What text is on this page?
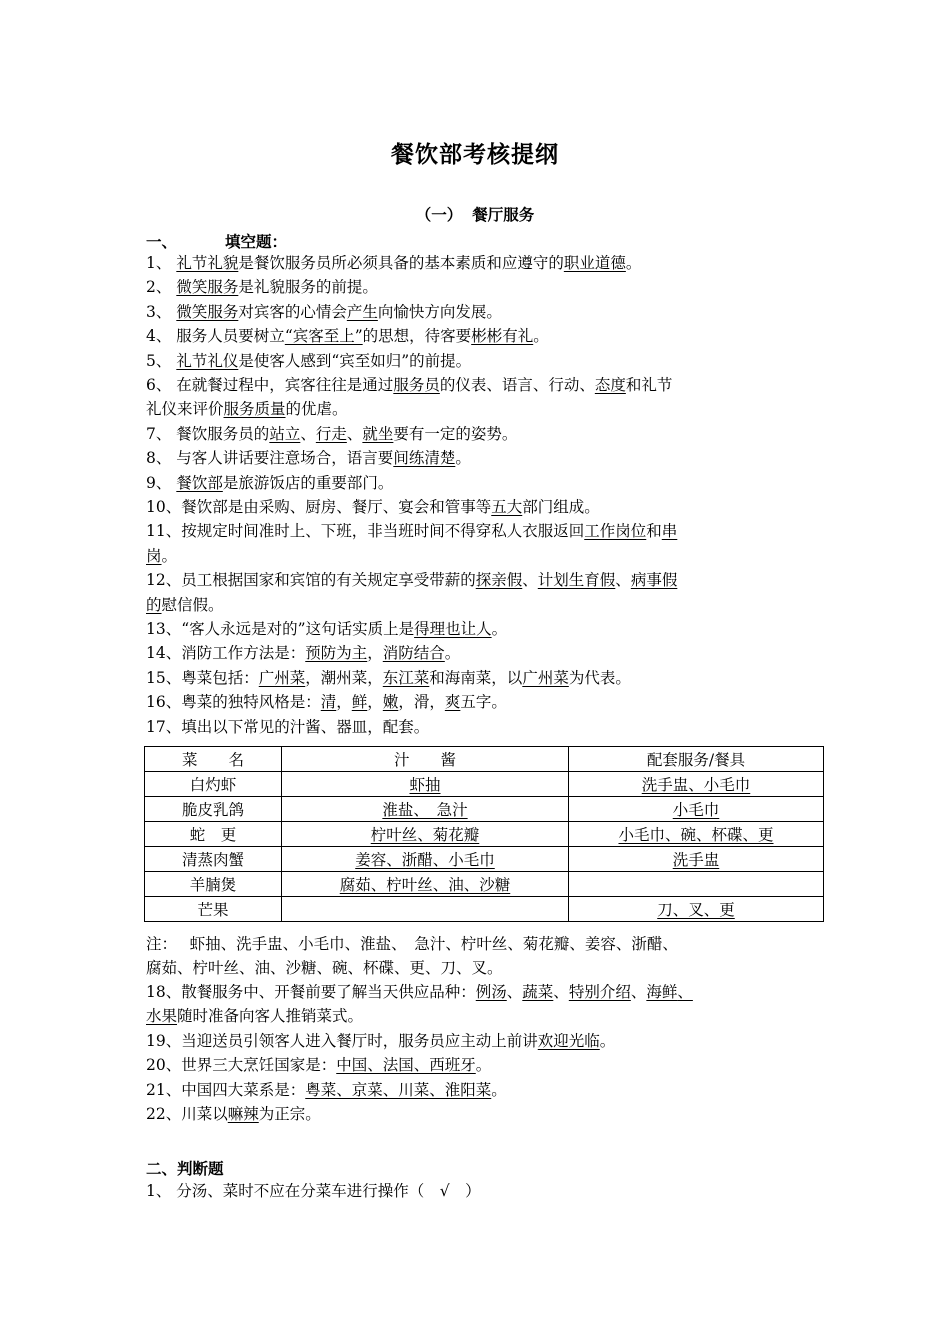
餐饮部考核提纲
（一） 餐厅服务
一、	填空题：
1、 礼节礼貌是餐饮服务员所必须具备的基本素质和应遵守的职业道德。
2、 微笑服务是礼貌服务的前提。
3、 微笑服务对宾客的心情会产生向愉快方向发展。
4、 服务人员要树立“宾客至上”的思想，待客要彬彬有礼。
5、 礼节礼仪是使客人感到“宾至如归”的前提。
6、 在就餐过程中，宾客往往是通过服务员的仪表、语言、行动、态度和礼节
礼仪来评价服务质量的优虐。
7、 餐饮服务员的站立、行走、就坐要有一定的姿势。
8、 与客人讲话要注意场合，语言要间练清楚。
9、 餐饮部是旅游饭店的重要部门。
10、餐饮部是由采购、厨房、餐厅、宴会和管事等五大部门组成。
11、按规定时间准时上、下班，非当班时间不得穿私人衣服返回工作岗位和串
岗。
12、员工根据国家和宾馆的有关规定享受带薪的探亲假、计划生育假、病事假
的慰信假。
13、“客人永远是对的”这句话实质上是得理也让人。
14、消防工作方法是：预防为主，消防结合。
15、粤菜包括：广州菜，潮州菜，东江菜和海南菜，以广州菜为代表。
16、粤菜的独特风格是：清，鲜，嫩，滑，爽五字。
17、填出以下常见的汁酱、器皿，配套。
菜　　名	汁　　酱	配套服务/餐具
白灼虾	虾抽	洗手盅、小毛巾
脆皮乳鸽	淮盐、　急汁	小毛巾
蛇　更	柠叶丝、菊花瓣	小毛巾、碗、杯碟、更
清蒸肉蟹	姜容、浙醋、小毛巾	洗手盅
羊腩煲	腐茹、柠叶丝、油、沙糖	
芒果		刀、叉、更
注：　 虾抽、洗手盅、小毛巾、淮盐、　急汁、柠叶丝、菊花瓣、姜容、浙醋、
腐茹、柠叶丝、油、沙糖、碗、杯碟、更、刀、叉。
18、散餐服务中、开餐前要了解当天供应品种：例汤、蔬菜、特别介绍、海鲜、
水果随时准备向客人推销菜式。
19、当迎送员引领客人进入餐厅时，服务员应主动上前讲欢迎光临。
20、世界三大烹饪国家是：中国、法国、西班牙。
21、中国四大菜系是：粤菜、京菜、川菜、淮阳菜。
22、川菜以嘛辣为正宗。
二、判断题
1、 分汤、菜时不应在分菜车进行操作（　√　）
